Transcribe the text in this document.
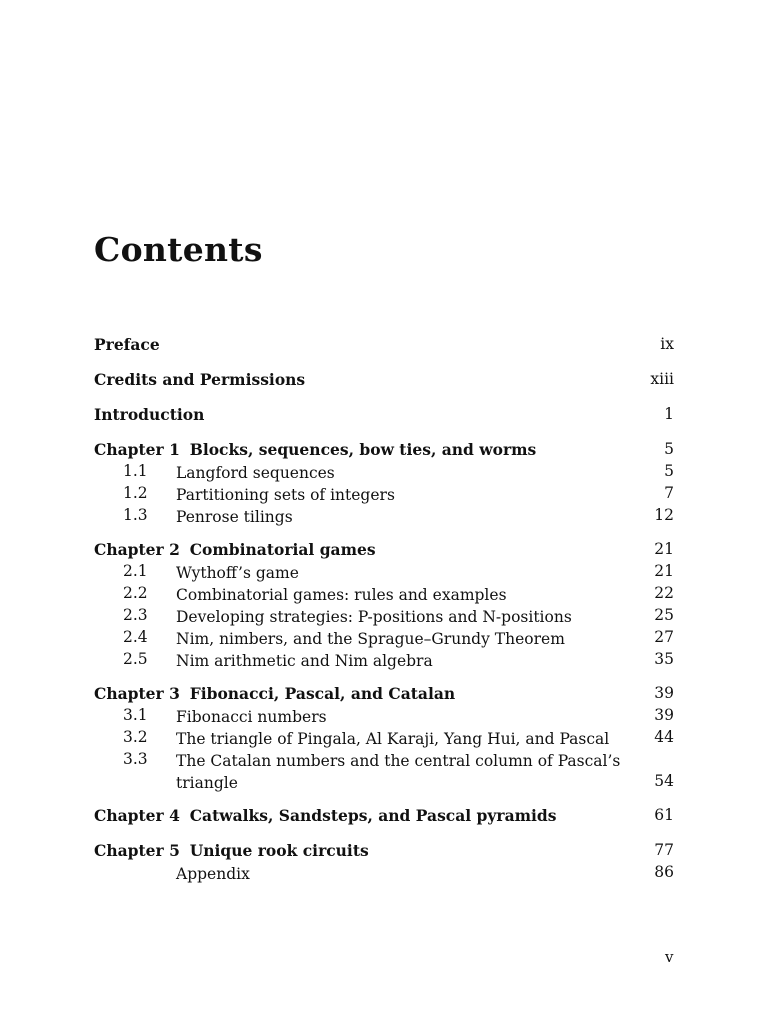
Contents
Preface	ix
Credits and Permissions	xiii
Introduction	1
Chapter 1 Blocks, sequences, bow ties, and worms	5
1.1 Langford sequences	5
1.2 Partitioning sets of integers	7
1.3 Penrose tilings	12
Chapter 2 Combinatorial games	21
2.1 Wythoff’s game	21
2.2 Combinatorial games: rules and examples	22
2.3 Developing strategies: P-positions and N-positions	25
2.4 Nim, nimbers, and the Sprague–Grundy Theorem	27
2.5 Nim arithmetic and Nim algebra	35
Chapter 3 Fibonacci, Pascal, and Catalan	39
3.1 Fibonacci numbers	39
3.2 The triangle of Pingala, Al Karaji, Yang Hui, and Pascal	44
3.3 The Catalan numbers and the central column of Pascal’s triangle	54
Chapter 4 Catwalks, Sandsteps, and Pascal pyramids	61
Chapter 5 Unique rook circuits	77
Appendix	86
v
